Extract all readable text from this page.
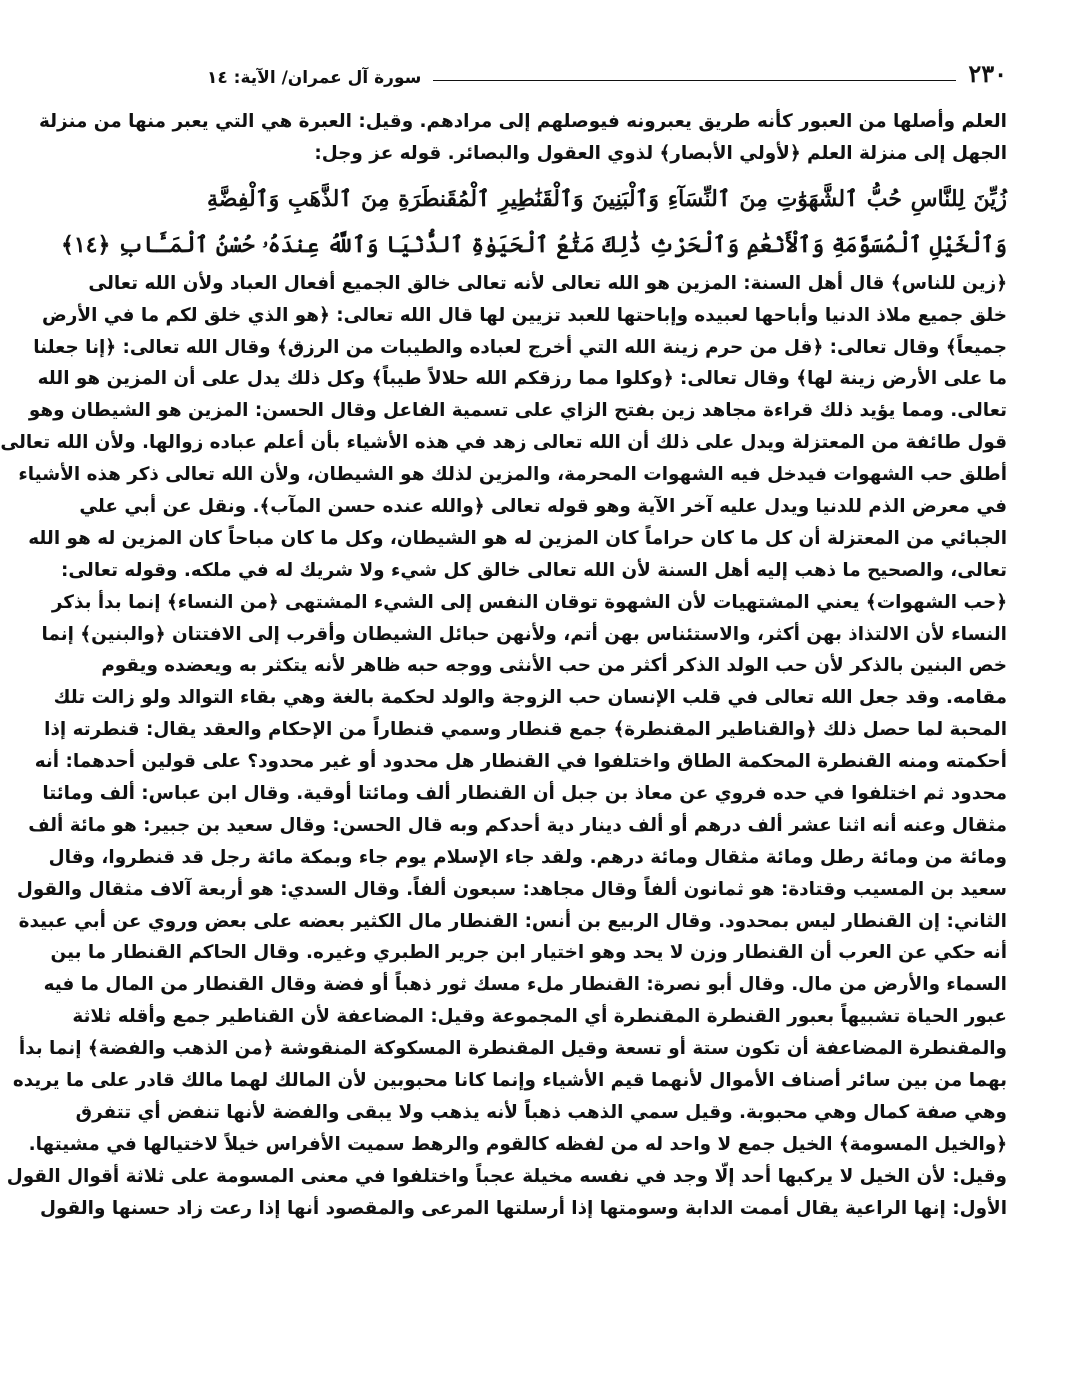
٢٣٠
سورة آل عمران/ الآية: ١٤
العلم وأصلها من العبور كأنه طريق يعبرونه فيوصلهم إلى مرادهم. وقيل: العبرة هي التي يعبر منها من منزلة
الجهل إلى منزلة العلم ﴿لأولي الأبصار﴾ لذوي العقول والبصائر. قوله عز وجل:
زُيِّنَ لِلنَّاسِ حُبُّ ٱلشَّهَوَٰتِ مِنَ ٱلنِّسَآءِ وَٱلْبَنِينَ وَٱلْقَنَٰطِيرِ ٱلْمُقَنطَرَةِ مِنَ ٱلذَّهَبِ وَٱلْفِضَّةِ
وَٱلْخَيْلِ ٱلْمُسَوَّمَةِ وَٱلْأَنْعَٰمِ وَٱلْحَرْثِ ذَٰلِكَ مَتَٰعُ ٱلْحَيَوٰةِ ٱلدُّنْيَا وَٱللَّهُ عِندَهُۥ حُسْنُ ٱلْمَـَٔابِ ﴿١٤﴾
﴿زين للناس﴾ قال أهل السنة: المزين هو الله تعالى لأنه تعالى خالق الجميع أفعال العباد ولأن الله تعالى
خلق جميع ملاذ الدنيا وأباحها لعبيده وإباحتها للعبد تزيين لها قال الله تعالى: ﴿هو الذي خلق لكم ما في الأرض
جميعاً﴾ وقال تعالى: ﴿قل من حرم زينة الله التي أخرج لعباده والطيبات من الرزق﴾ وقال الله تعالى: ﴿إنا جعلنا
ما على الأرض زينة لها﴾ وقال تعالى: ﴿وكلوا مما رزقكم الله حلالاً طيباً﴾ وكل ذلك يدل على أن المزين هو الله
تعالى. ومما يؤيد ذلك قراءة مجاهد زين بفتح الزاي على تسمية الفاعل وقال الحسن: المزين هو الشيطان وهو
قول طائفة من المعتزلة ويدل على ذلك أن الله تعالى زهد في هذه الأشياء بأن أعلم عباده زوالها. ولأن الله تعالى
أطلق حب الشهوات فيدخل فيه الشهوات المحرمة، والمزين لذلك هو الشيطان، ولأن الله تعالى ذكر هذه الأشياء
في معرض الذم للدنيا ويدل عليه آخر الآية وهو قوله تعالى ﴿والله عنده حسن المآب﴾. ونقل عن أبي علي
الجبائي من المعتزلة أن كل ما كان حراماً كان المزين له هو الشيطان، وكل ما كان مباحاً كان المزين له هو الله
تعالى، والصحيح ما ذهب إليه أهل السنة لأن الله تعالى خالق كل شيء ولا شريك له في ملكه. وقوله تعالى:
﴿حب الشهوات﴾ يعني المشتهيات لأن الشهوة توقان النفس إلى الشيء المشتهى ﴿من النساء﴾ إنما بدأ بذكر
النساء لأن الالتذاذ بهن أكثر، والاستئناس بهن أتم، ولأنهن حبائل الشيطان وأقرب إلى الافتتان ﴿والبنين﴾ إنما
خص البنين بالذكر لأن حب الولد الذكر أكثر من حب الأنثى ووجه حبه ظاهر لأنه يتكثر به ويعضده ويقوم
مقامه. وقد جعل الله تعالى في قلب الإنسان حب الزوجة والولد لحكمة بالغة وهي بقاء التوالد ولو زالت تلك
المحبة لما حصل ذلك ﴿والقناطير المقنطرة﴾ جمع قنطار وسمي قنطاراً من الإحكام والعقد يقال: قنطرته إذا
أحكمته ومنه القنطرة المحكمة الطاق واختلفوا في القنطار هل محدود أو غير محدود؟ على قولين أحدهما: أنه
محدود ثم اختلفوا في حده فروي عن معاذ بن جبل أن القنطار ألف ومائتا أوقية. وقال ابن عباس: ألف ومائتا
مثقال وعنه أنه اثنا عشر ألف درهم أو ألف دينار دية أحدكم وبه قال الحسن: وقال سعيد بن جبير: هو مائة ألف
ومائة من ومائة رطل ومائة مثقال ومائة درهم. ولقد جاء الإسلام يوم جاء وبمكة مائة رجل قد قنطروا، وقال
سعيد بن المسيب وقتادة: هو ثمانون ألفاً وقال مجاهد: سبعون ألفاً. وقال السدي: هو أربعة آلاف مثقال والقول
الثاني: إن القنطار ليس بمحدود. وقال الربيع بن أنس: القنطار مال الكثير بعضه على بعض وروي عن أبي عبيدة
أنه حكي عن العرب أن القنطار وزن لا يحد وهو اختيار ابن جرير الطبري وغيره. وقال الحاكم القنطار ما بين
السماء والأرض من مال. وقال أبو نصرة: القنطار ملء مسك ثور ذهباً أو فضة وقال القنطار من المال ما فيه
عبور الحياة تشبيهاً بعبور القنطرة المقنطرة أي المجموعة وقيل: المضاعفة لأن القناطير جمع وأقله ثلاثة
والمقنطرة المضاعفة أن تكون ستة أو تسعة وقيل المقنطرة المسكوكة المنقوشة ﴿من الذهب والفضة﴾ إنما بدأ
بهما من بين سائر أصناف الأموال لأنهما قيم الأشياء وإنما كانا محبوبين لأن المالك لهما مالك قادر على ما يريده
وهي صفة كمال وهي محبوبة. وقيل سمي الذهب ذهباً لأنه يذهب ولا يبقى والفضة لأنها تنفض أي تتفرق
﴿والخيل المسومة﴾ الخيل جمع لا واحد له من لفظه كالقوم والرهط سميت الأفراس خيلاً لاختيالها في مشيتها.
وقيل: لأن الخيل لا يركبها أحد إلّا وجد في نفسه مخيلة عجباً واختلفوا في معنى المسومة على ثلاثة أقوال القول
الأول: إنها الراعية يقال أممت الدابة وسومتها إذا أرسلتها المرعى والمقصود أنها إذا رعت زاد حسنها والقول
